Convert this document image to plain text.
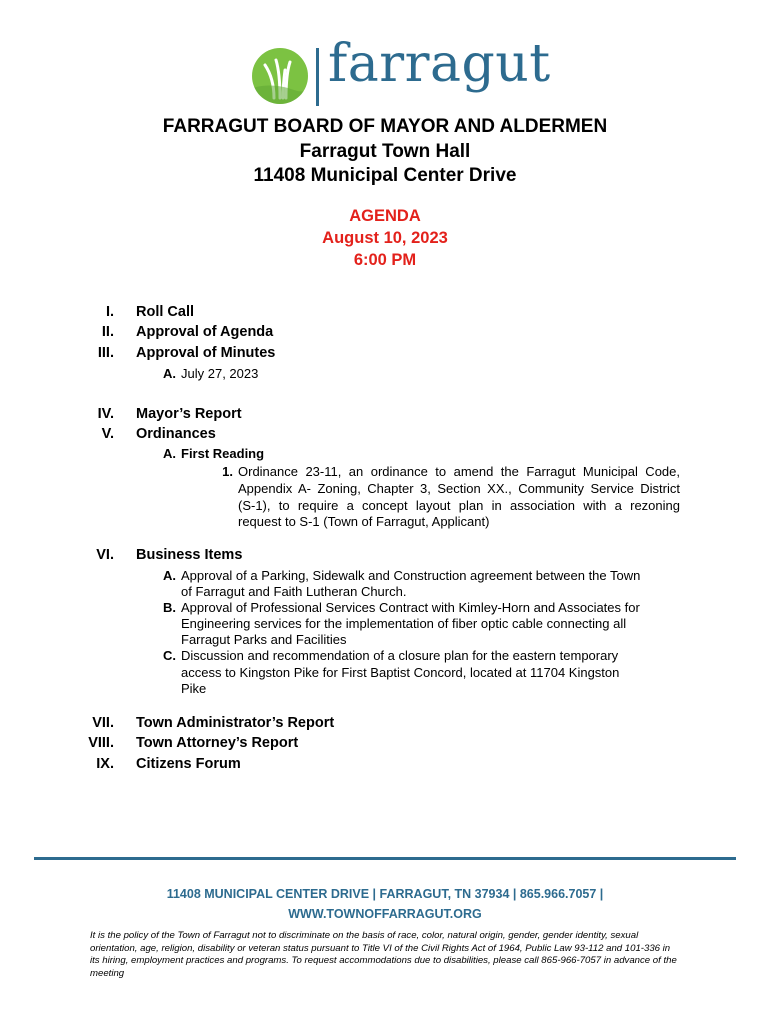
farragut
FARRAGUT BOARD OF MAYOR AND ALDERMEN
Farragut Town Hall
11408 Municipal Center Drive
AGENDA
August 10, 2023
6:00 PM
I. Roll Call
II. Approval of Agenda
III. Approval of Minutes
A. July 27, 2023
IV. Mayor’s Report
V. Ordinances
A. First Reading
1. Ordinance 23-11, an ordinance to amend the Farragut Municipal Code,
Appendix A- Zoning, Chapter 3, Section XX., Community Service District
(S-1), to require a concept layout plan in association with a rezoning
request to S-1 (Town of Farragut, Applicant)
VI. Business Items
A. Approval of a Parking, Sidewalk and Construction agreement between the Town
of Farragut and Faith Lutheran Church.
B. Approval of Professional Services Contract with Kimley-Horn and Associates for
Engineering services for the implementation of fiber optic cable connecting all
Farragut Parks and Facilities
C. Discussion and recommendation of a closure plan for the eastern temporary
access to Kingston Pike for First Baptist Concord, located at 11704 Kingston
Pike
VII. Town Administrator’s Report
VIII. Town Attorney’s Report
IX. Citizens Forum
11408 MUNICIPAL CENTER DRIVE | FARRAGUT, TN 37934 | 865.966.7057 |
WWW.TOWNOFFARRAGUT.ORG
It is the policy of the Town of Farragut not to discriminate on the basis of race, color, natural origin, gender, gender identity, sexual orientation, age, religion, disability or veteran status pursuant to Title VI of the Civil Rights Act of 1964, Public Law 93-112 and 101-336 in its hiring, employment practices and programs. To request accommodations due to disabilities, please call 865-966-7057 in advance of the meeting
